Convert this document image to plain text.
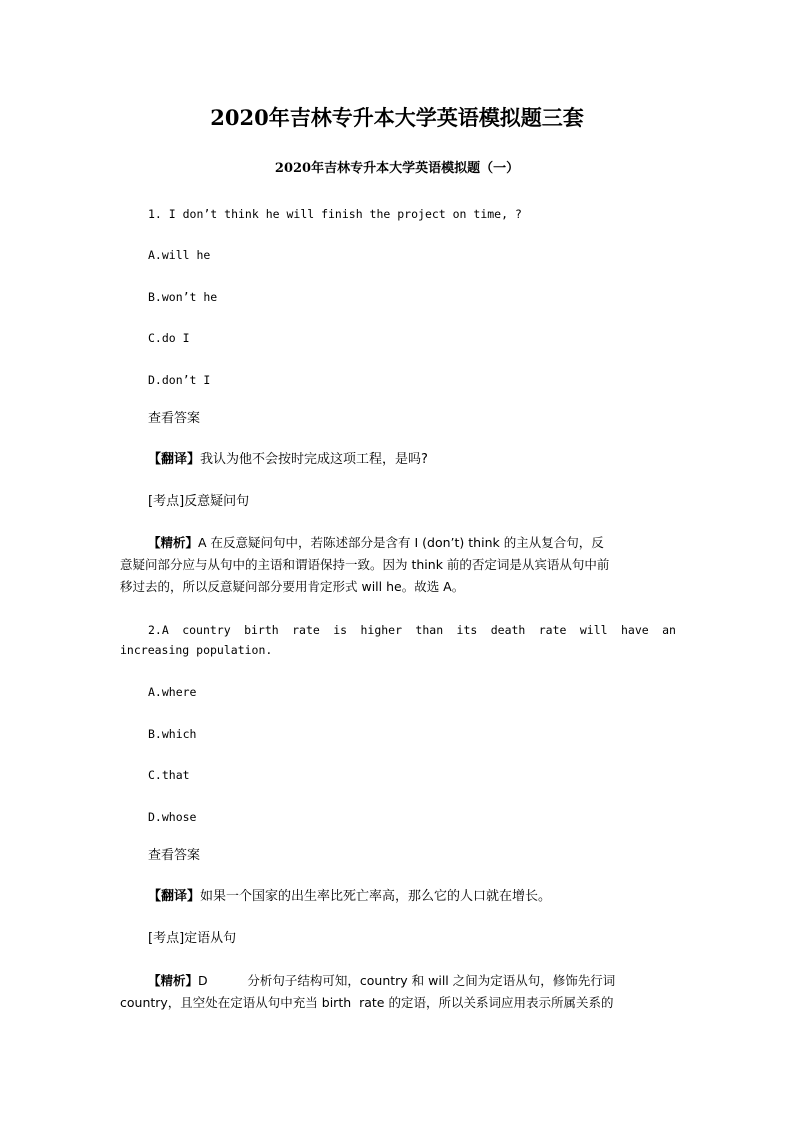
2020年吉林专升本大学英语模拟题三套
2020年吉林专升本大学英语模拟题（一）
1. I don’t think he will finish the project on time, ?
A.will he
B.won’t he
C.do I
D.don’t I
查看答案
【翻译】我认为他不会按时完成这项工程，是吗?
[考点]反意疑问句
【精析】A 在反意疑问句中，若陈述部分是含有 I (don’t) think 的主从复合句，反
意疑问部分应与从句中的主语和谓语保持一致。因为 think 前的否定词是从宾语从句中前
移过去的，所以反意疑问部分要用肯定形式 will he。故选 A。
2.A country birth rate is higher than its death rate will have an
increasing population.
A.where
B.which
C.that
D.whose
查看答案
【翻译】如果一个国家的出生率比死亡率高，那么它的人口就在增长。
[考点]定语从句
【精析】D          分析句子结构可知，country 和 will 之间为定语从句，修饰先行词
country，且空处在定语从句中充当 birth  rate 的定语，所以关系词应用表示所属关系的
